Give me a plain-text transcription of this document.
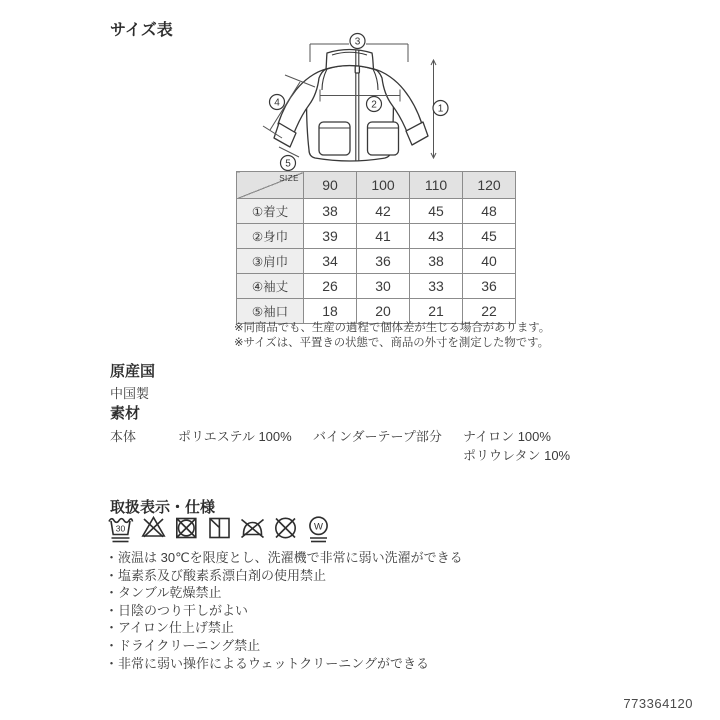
サイズ表
3
1
2
4
5
SIZE	90	100	110	120
①着丈	38	42	45	48
②身巾	39	41	43	45
③肩巾	34	36	38	40
④袖丈	26	30	33	36
⑤袖口	18	20	21	22
※同商品でも、生産の過程で個体差が生じる場合があります。
※サイズは、平置きの状態で、商品の外寸を測定した物です。
原産国
中国製
素材
本体	ポリエステル 100% バインダーテープ部分 ナイロン 100%
ポリウレタン 10%
取扱表示・仕様
30	W
・液温は 30℃を限度とし、洗濯機で非常に弱い洗濯ができる
・塩素系及び酸素系漂白剤の使用禁止
・タンブル乾燥禁止
・日陰のつり干しがよい
・アイロン仕上げ禁止
・ドライクリーニング禁止
・非常に弱い操作によるウェットクリーニングができる
773364120
